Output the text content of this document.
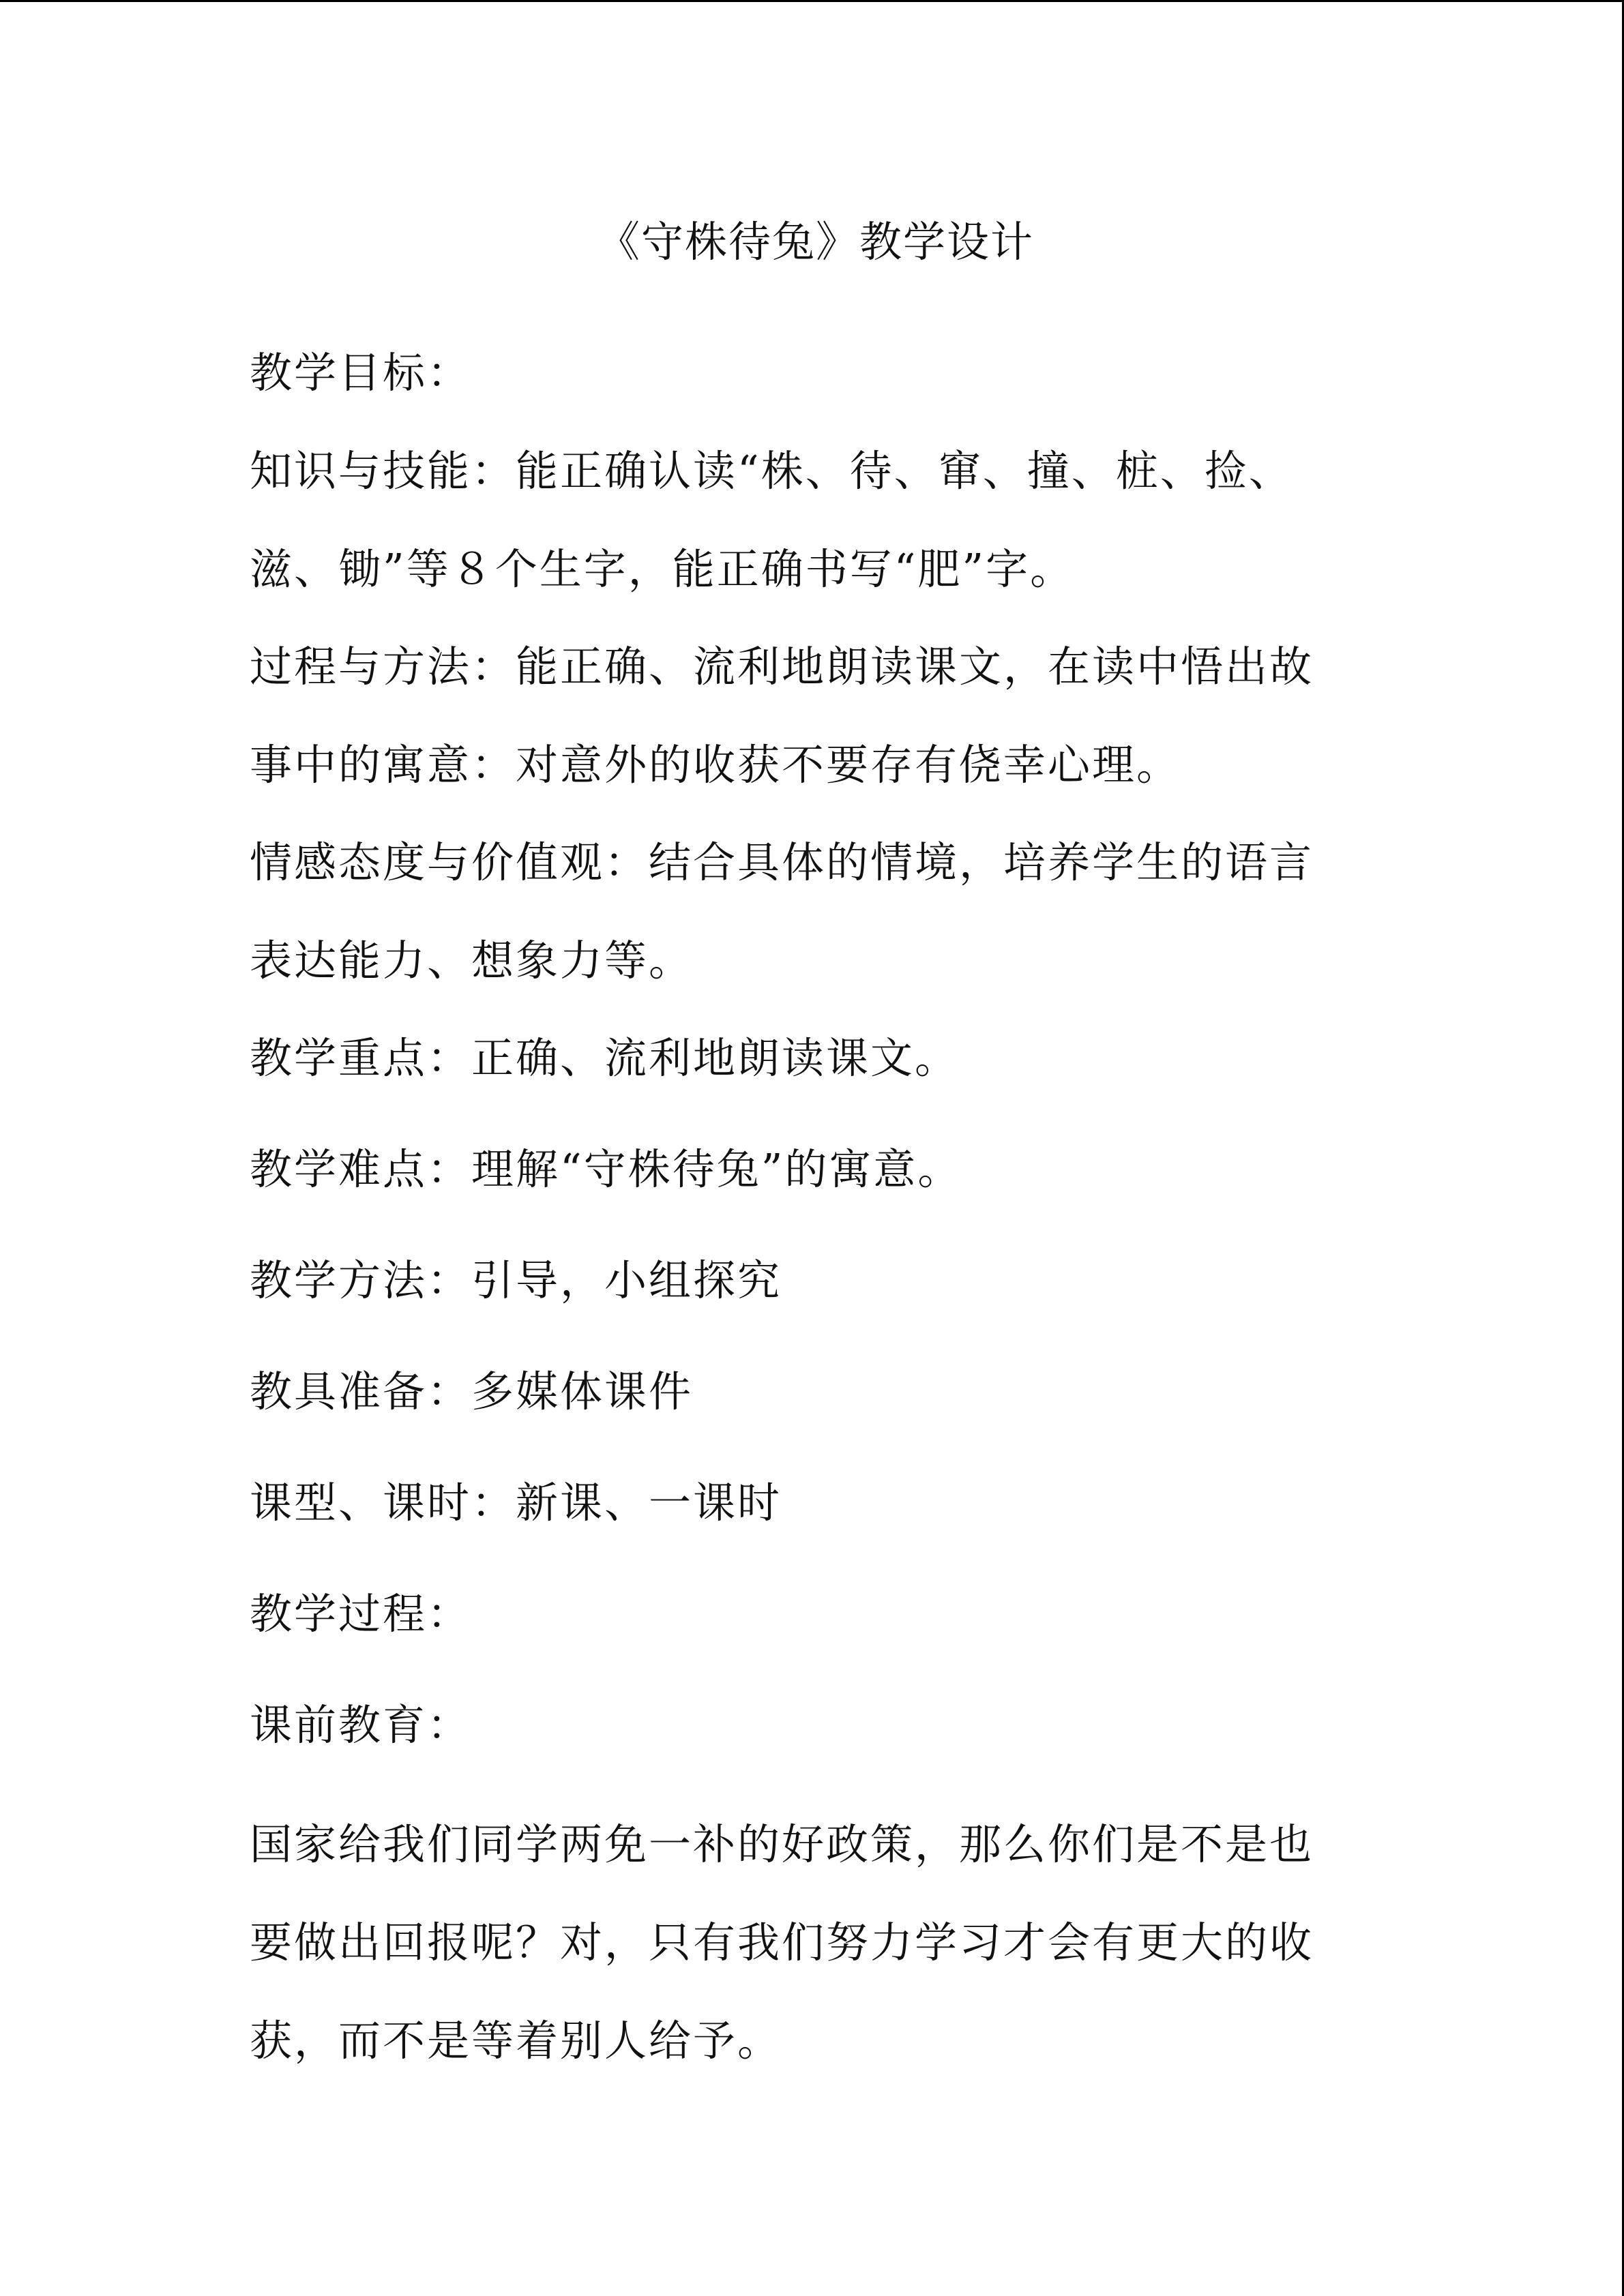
《守株待兔》教学设计
教学目标：
知识与技能：能正确认读“株、待、窜、撞、桩、捡、滋、锄”等８个生字，能正确书写“肥”字。
过程与方法：能正确、流利地朗读课文，在读中悟出故事中的寓意：对意外的收获不要存有侥幸心理。
情感态度与价值观：结合具体的情境，培养学生的语言表达能力、想象力等。
教学重点：正确、流利地朗读课文。
教学难点：理解“守株待兔”的寓意。
教学方法：引导，小组探究
教具准备：多媒体课件
课型、课时：新课、一课时
教学过程：
课前教育：
国家给我们同学两免一补的好政策，那么你们是不是也要做出回报呢？对，只有我们努力学习才会有更大的收获，而不是等着别人给予。
